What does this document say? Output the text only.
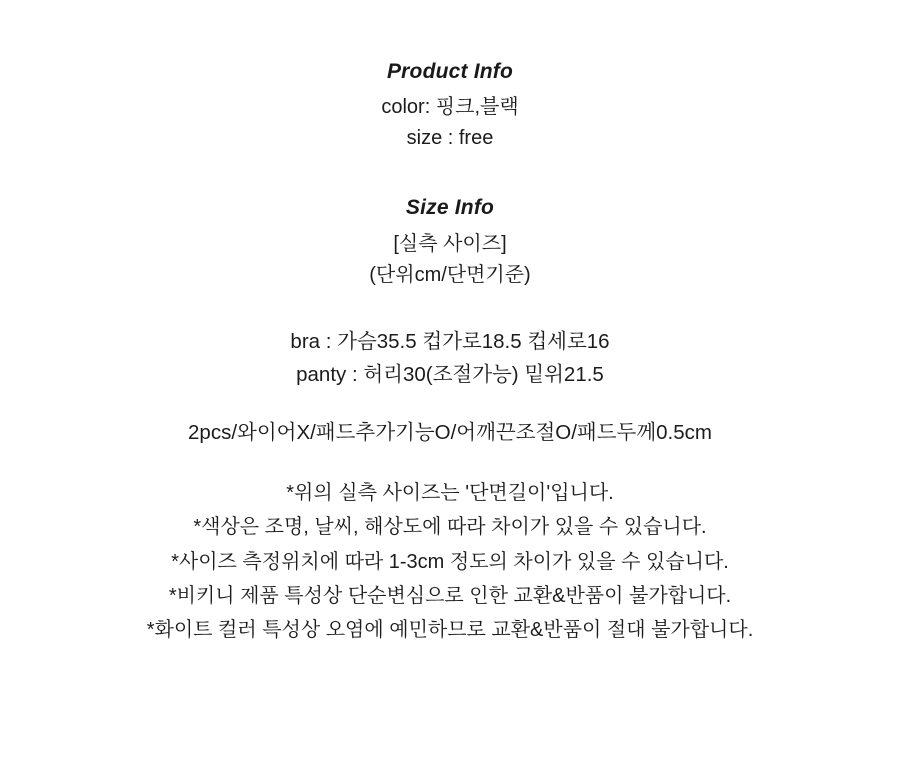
Product Info
color: 핑크,블랙
size : free
Size Info
[실측 사이즈]
(단위cm/단면기준)
bra : 가슴35.5 컵가로18.5 컵세로16
panty : 허리30(조절가능) 밑위21.5
2pcs/와이어X/패드추가기능O/어깨끈조절O/패드두께0.5cm
*위의 실측 사이즈는 '단면길이'입니다.
*색상은 조명, 날씨, 해상도에 따라 차이가 있을 수 있습니다.
*사이즈 측정위치에 따라 1-3cm 정도의 차이가 있을 수 있습니다.
*비키니 제품 특성상 단순변심으로 인한 교환&반품이 불가합니다.
*화이트 컬러 특성상 오염에 예민하므로 교환&반품이 절대 불가합니다.
